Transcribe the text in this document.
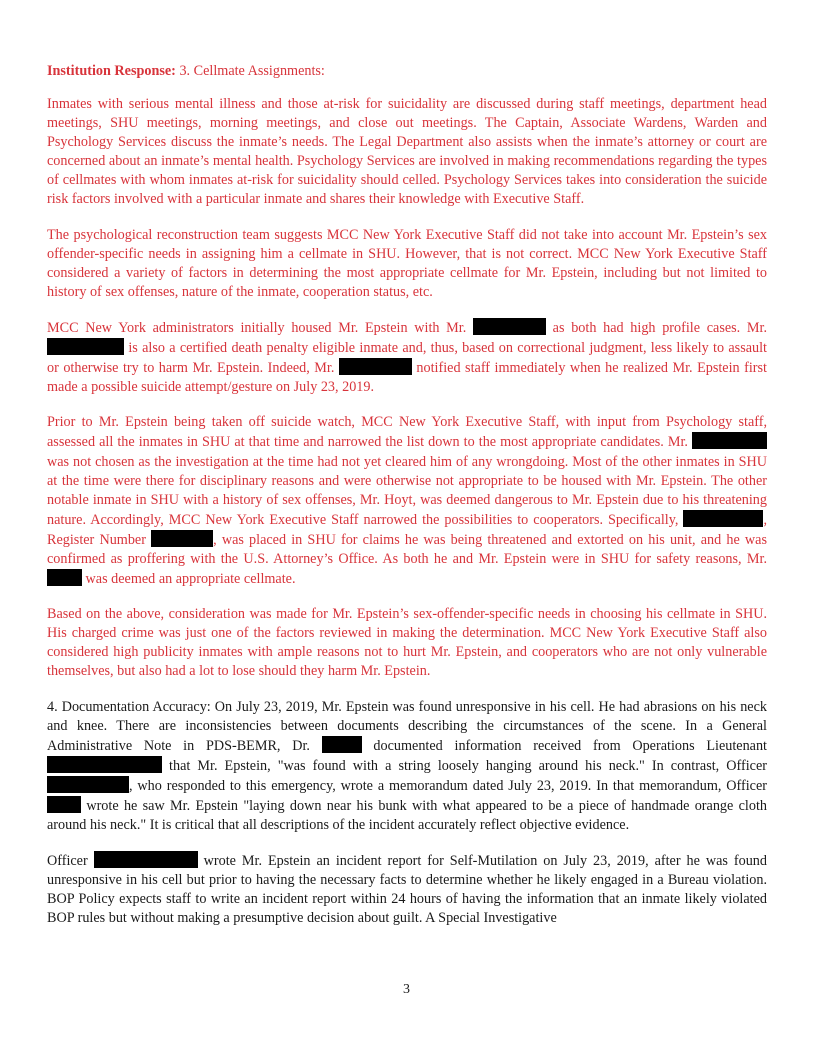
Institution Response: 3. Cellmate Assignments:

Inmates with serious mental illness and those at-risk for suicidality are discussed during staff meetings, department head meetings, SHU meetings, morning meetings, and close out meetings. The Captain, Associate Wardens, Warden and Psychology Services discuss the inmate’s needs. The Legal Department also assists when the inmate’s attorney or court are concerned about an inmate’s mental health. Psychology Services are involved in making recommendations regarding the types of cellmates with whom inmates at-risk for suicidality should celled. Psychology Services takes into consideration the suicide risk factors involved with a particular inmate and shares their knowledge with Executive Staff.

The psychological reconstruction team suggests MCC New York Executive Staff did not take into account Mr. Epstein’s sex offender-specific needs in assigning him a cellmate in SHU. However, that is not correct. MCC New York Executive Staff considered a variety of factors in determining the most appropriate cellmate for Mr. Epstein, including but not limited to history of sex offenses, nature of the inmate, cooperation status, etc.

MCC New York administrators initially housed Mr. Epstein with Mr.	as both had high profile cases. Mr.  is also a certified death penalty eligible inmate and, thus, based on correctional judgment, less likely to assault or otherwise try to harm Mr. Epstein. Indeed, Mr.	notified staff immediately when he realized Mr. Epstein first made a possible suicide attempt/gesture on July 23, 2019.

Prior to Mr. Epstein being taken off suicide watch, MCC New York Executive Staff, with input from Psychology staff, assessed all the inmates in SHU at that time and narrowed the list down to the most appropriate candidates. Mr.  was not chosen as the investigation at the time had not yet cleared him of any wrongdoing. Most of the other inmates in SHU at the time were there for disciplinary reasons and were otherwise not appropriate to be housed with Mr. Epstein. The other notable inmate in SHU with a history of sex offenses, Mr. Hoyt, was deemed dangerous to Mr. Epstein due to his threatening nature. Accordingly, MCC New York Executive Staff narrowed the possibilities to cooperators. Specifically,	, Register Number	, was placed in SHU for claims he was being threatened and extorted on his unit, and he was confirmed as proffering with the U.S. Attorney’s Office. As both he and Mr. Epstein were in SHU for safety reasons, Mr.  was deemed an appropriate cellmate.

Based on the above, consideration was made for Mr. Epstein’s sex-offender-specific needs in choosing his cellmate in SHU. His charged crime was just one of the factors reviewed in making the determination. MCC New York Executive Staff also considered high publicity inmates with ample reasons not to hurt Mr. Epstein, and cooperators who are not only vulnerable themselves, but also had a lot to lose should they harm Mr. Epstein.

4. Documentation Accuracy: On July 23, 2019, Mr. Epstein was found unresponsive in his cell. He had abrasions on his neck and knee. There are inconsistencies between documents describing the circumstances of the scene. In a General Administrative Note in PDS-BEMR, Dr.	documented information received from Operations Lieutenant  that Mr. Epstein, "was found with a string loosely hanging around his neck." In contrast, Officer , who responded to this emergency, wrote a memorandum dated July 23, 2019. In that memorandum, Officer  wrote he saw Mr. Epstein "laying down near his bunk with what appeared to be a piece of handmade orange cloth around his neck." It is critical that all descriptions of the incident accurately reflect objective evidence.

Officer	wrote Mr. Epstein an incident report for Self-Mutilation on July 23, 2019, after he was found unresponsive in his cell but prior to having the necessary facts to determine whether he likely engaged in a Bureau violation. BOP Policy expects staff to write an incident report within 24 hours of having the information that an inmate likely violated BOP rules but without making a presumptive decision about guilt. A Special Investigative

3
